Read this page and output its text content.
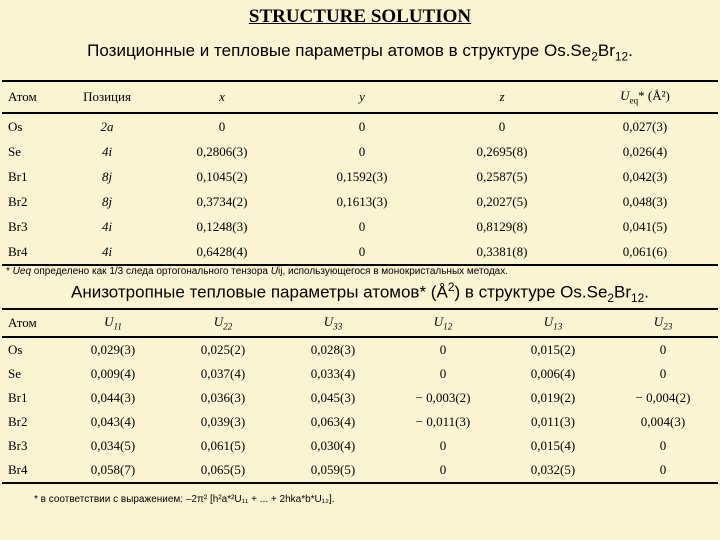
STRUCTURE SOLUTION
Позиционные и тепловые параметры атомов в структуре $Os.Se_2Br_{12}$.
Атом	Позиция	x	y	z	$U_{eq}*$ (Å²)
Os	2a	0	0	0	0,027(3)
Se	4i	0,2806(3)	0	0,2695(8)	0,026(4)
Br1	8j	0,1045(2)	0,1592(3)	0,2587(5)	0,042(3)
Br2	8j	0,3734(2)	0,1613(3)	0,2027(5)	0,048(3)
Br3	4i	0,1248(3)	0	0,8129(8)	0,041(5)
Br4	4i	0,6428(4)	0	0,3381(8)	0,061(6)
* Ueq определено как 1/3 следа ортогонального тензора Uij, использующегося в монокристальных методах.
Анизотропные тепловые параметры атомов* $(Å^2)$ в структуре $Os.Se_2Br_{12}$.
Атом	$U_{11}$	$U_{22}$	$U_{33}$	$U_{12}$	$U_{13}$	$U_{23}$
Os	0,029(3)	0,025(2)	0,028(3)	0	0,015(2)	0
Se	0,009(4)	0,037(4)	0,033(4)	0	0,006(4)	0
Br1	0,044(3)	0,036(3)	0,045(3)	− 0,003(2)	0,019(2)	− 0,004(2)
Br2	0,043(4)	0,039(3)	0,063(4)	− 0,011(3)	0,011(3)	0,004(3)
Br3	0,034(5)	0,061(5)	0,030(4)	0	0,015(4)	0
Br4	0,058(7)	0,065(5)	0,059(5)	0	0,032(5)	0
* в соответствии с выражением: –2π² [h²a*²U₁₁ + ... + 2hka*b*U₁₂].
